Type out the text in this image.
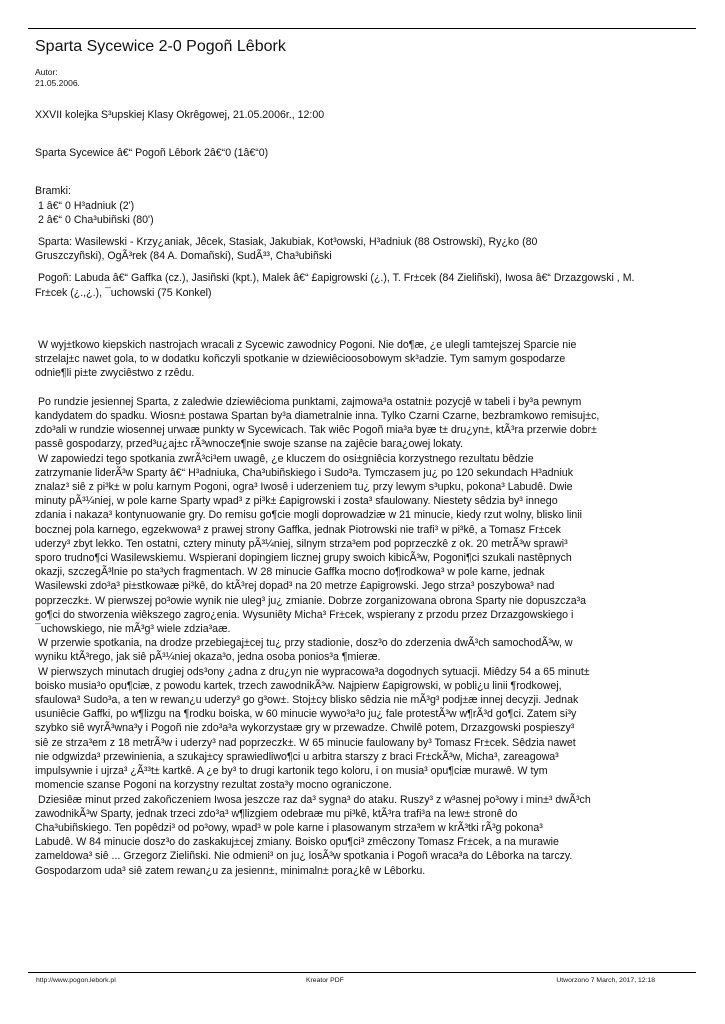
Sparta Sycewice 2-0 Pogoñ Lêbork
Autor:
21.05.2006.
XXVII kolejka S³upskiej Klasy Okrêgowej, 21.05.2006r., 12:00
Sparta Sycewice â€“ Pogoñ Lêbork 2â€“0 (1â€“0)
Bramki:
1 â€“ 0 H³adniuk (2')
2 â€“ 0 Cha³ubiñski (80')
Sparta: Wasilewski - Krzy¿aniak, Jêcek, Stasiak, Jakubiak, Kot³owski, H³adniuk (88 Ostrowski), Ry¿ko (80
Gruszczyñski), OgÃ³rek (84 A. Domañski), SudÃ³³, Cha³ubiñski
Pogoñ: Labuda â€“ Gaffka (cz.), Jasiñski (kpt.), Malek â€“ £apigrowski (¿.), T. Fr±cek (84 Zieliñski), Iwosa â€“ Drzazgowski , M.
Fr±cek (¿.,¿.), ¯uchowski (75 Konkel)
W wyj±tkowo kiepskich nastrojach wracali z Sycewic zawodnicy Pogoni. Nie do¶æ, ¿e ulegli tamtejszej Sparcie nie
strzelaj±c nawet gola, to w dodatku koñczyli spotkanie w dziewiêcioosobowym sk³adzie. Tym samym gospodarze
odnie¶li pi±te zwyciêstwo z rzêdu.
Po rundzie jesiennej Sparta, z zaledwie dziewiêcioma punktami, zajmowa³a ostatni± pozycjê w tabeli i by³a pewnym
kandydatem do spadku. Wiosn± postawa Spartan by³a diametralnie inna. Tylko Czarni Czarne, bezbramkowo remisuj±c,
zdo³ali w rundzie wiosennej urwaæ punkty w Sycewicach. Tak wiêc Pogoñ mia³a byæ t± dru¿yn±, ktÃ³ra przerwie dobr±
passê gospodarzy, przed³u¿aj±c rÃ³wnocze¶nie swoje szanse na zajêcie bara¿owej lokaty.
W zapowiedzi tego spotkania zwrÃ³ci³em uwagê, ¿e kluczem do osi±gniêcia korzystnego rezultatu bêdzie
zatrzymanie liderÃ³w Sparty â€“ H³adniuka, Cha³ubiñskiego i Sudo³a. Tymczasem ju¿ po 120 sekundach H³adniuk
znalaz³ siê z pi³k± w polu karnym Pogoni, ogra³ Iwosê i uderzeniem tu¿ przy lewym s³upku, pokona³ Labudê. Dwie
minuty pÃ³¼niej, w pole karne Sparty wpad³ z pi³k± £apigrowski i zosta³ sfaulowany. Niestety sêdzia by³ innego
zdania i nakaza³ kontynuowanie gry. Do remisu go¶cie mogli doprowadziæ w 21 minucie, kiedy rzut wolny, blisko linii
bocznej pola karnego, egzekwowa³ z prawej strony Gaffka, jednak Piotrowski nie trafi³ w pi³kê, a Tomasz Fr±cek
uderzy³ zbyt lekko. Ten ostatni, cztery minuty pÃ³¼niej, silnym strza³em pod poprzeczkê z ok. 20 metrÃ³w sprawi³
sporo trudno¶ci Wasilewskiemu. Wspierani dopingiem licznej grupy swoich kibicÃ³w, Pogoni¶ci szukali nastêpnych
okazji, szczegÃ³lnie po sta³ych fragmentach. W 28 minucie Gaffka mocno do¶rodkowa³ w pole karne, jednak
Wasilewski zdo³a³ pi±stkowaæ pi³kê, do ktÃ³rej dopad³ na 20 metrze £apigrowski. Jego strza³ poszybowa³ nad
poprzeczk±. W pierwszej po³owie wynik nie uleg³ ju¿ zmianie. Dobrze zorganizowana obrona Sparty nie dopuszcza³a
go¶ci do stworzenia wiêkszego zagro¿enia. Wysuniêty Micha³ Fr±cek, wspierany z przodu przez Drzazgowskiego i
¯uchowskiego, nie mÃ³g³ wiele zdzia³aæ.
W przerwie spotkania, na drodze przebiegaj±cej tu¿ przy stadionie, dosz³o do zderzenia dwÃ³ch samochodÃ³w, w
wyniku ktÃ³rego, jak siê pÃ³¼niej okaza³o, jedna osoba ponios³a ¶mieræ.
W pierwszych minutach drugiej ods³ony ¿adna z dru¿yn nie wypracowa³a dogodnych sytuacji. Miêdzy 54 a 65 minut±
boisko musia³o opu¶ciæ, z powodu kartek, trzech zawodnikÃ³w. Najpierw £apigrowski, w pobli¿u linii ¶rodkowej,
sfaulowa³ Sudo³a, a ten w rewan¿u uderzy³ go g³ow±. Stoj±cy blisko sêdzia nie mÃ³g³ podj±æ innej decyzji. Jednak
usuniêcie Gaffki, po w¶lizgu na ¶rodku boiska, w 60 minucie wywo³a³o ju¿ fale protestÃ³w w¶rÃ³d go¶ci. Zatem si³y
szybko siê wyrÃ³wna³y i Pogoñ nie zdo³a³a wykorzystaæ gry w przewadze. Chwilê potem, Drzazgowski pospieszy³
siê ze strza³em z 18 metrÃ³w i uderzy³ nad poprzeczk±. W 65 minucie faulowany by³ Tomasz Fr±cek. Sêdzia nawet
nie odgwizda³ przewinienia, a szukaj±cy sprawiedliwo¶ci u arbitra starszy z braci Fr±ckÃ³w, Micha³, zareagowa³
impulsywnie i ujrza³ ¿Ã³³t± kartkê. A ¿e by³ to drugi kartonik tego koloru, i on musia³ opu¶ciæ murawê. W tym
momencie szanse Pogoni na korzystny rezultat zosta³y mocno ograniczone.
Dziesiêæ minut przed zakoñczeniem Iwosa jeszcze raz da³ sygna³ do ataku. Ruszy³ z w³asnej po³owy i min±³ dwÃ³ch
zawodnikÃ³w Sparty, jednak trzeci zdo³a³ w¶lizgiem odebraæ mu pi³kê, ktÃ³ra trafi³a na lew± stronê do
Cha³ubiñskiego. Ten popêdzi³ od po³owy, wpad³ w pole karne i plasowanym strza³em w krÃ³tki rÃ³g pokona³
Labudê. W 84 minucie dosz³o do zaskakuj±cej zmiany. Boisko opu¶ci³ zmêczony Tomasz Fr±cek, a na murawie
zameldowa³ siê ... Grzegorz Zieliñski. Nie odmieni³ on ju¿ losÃ³w spotkania i Pogoñ wraca³a do Lêborka na tarczy.
Gospodarzom uda³ siê zatem rewan¿u za jesienn±, minimaln± pora¿kê w Lêborku.
http://www.pogon.lebork.pl	Kreator PDF	Utworzono 7 March, 2017, 12:18
